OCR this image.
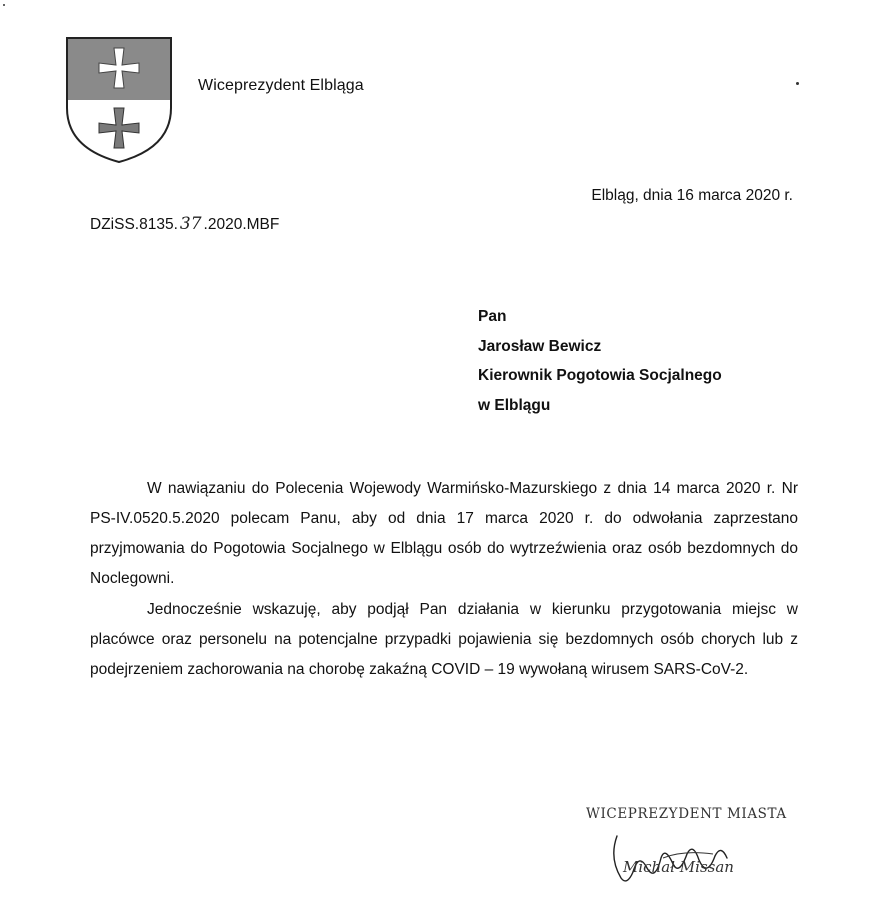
Wiceprezydent Elbląga
Elbląg, dnia 16 marca 2020 r.
DZiSS.8135. 37 .2020.MBF
Pan
Jarosław Bewicz
Kierownik Pogotowia Socjalnego
w Elblągu

W nawiązaniu do Polecenia Wojewody Warmińsko-Mazurskiego z dnia 14 marca 2020 r. Nr PS-IV.0520.5.2020 polecam Panu, aby od dnia 17 marca 2020 r. do odwołania zaprzestano przyjmowania do Pogotowia Socjalnego w Elblągu osób do wytrzeźwienia oraz osób bezdomnych do Noclegowni.

Jednocześnie wskazuję, aby podjął Pan działania w kierunku przygotowania miejsc w placówce oraz personelu na potencjalne przypadki pojawienia się bezdomnych osób chorych lub z podejrzeniem zachorowania na chorobę zakaźną COVID – 19 wywołaną wirusem SARS-CoV-2.

WICEPREZYDENT MIASTA
Michał Missan
